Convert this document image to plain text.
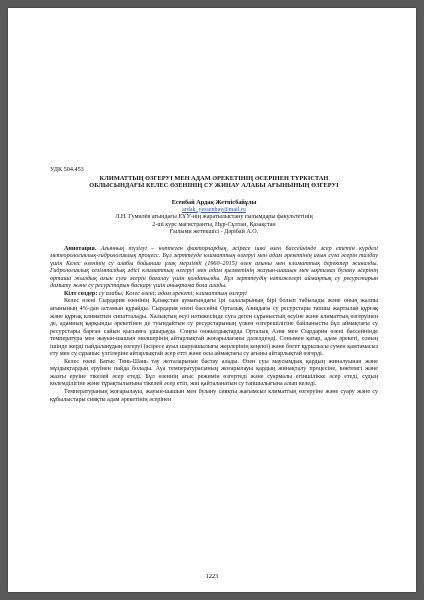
УДК 504.453

КЛИМАТТЫҢ ӨЗГЕРУІ МЕН АДАМ ӘРЕКЕТІНІҢ ӘСЕРІНЕН ТҮРКІСТАН
ОБЛЫСЫНДАҒЫ КЕЛЕС ӨЗЕНІНІҢ СУ ЖИНАУ АЛАБЫ АҒЫНЫНЫҢ ӨЗГЕРУІ

Есенбай Ардақ Жетпісбайұлы

ardak_yessenbay@mail.ru

Л.Н. Гумилёв атындағы ЕҰУ-нің жаратылыстану ғылымдары факультетінің

2-ші курс магистранты, Нұр-Сұлтан, Қазақстан

Ғылыми жетекшісі - Дәрібай А.О.

Аннотация. Ағынның түзілуі – көптеген факторлардың, әсіресе ішкі өзен бассейнінде әсер ететін күрделі метеорологиялық-гидрологиялық процесс. Бұл зерттеуде климаттың өзгеруі мен адам әрекетінің ағын суға әсерін талдау үшін Келес өзенінің су алабы бойынша ұзақ мерзімді (1960–2015) өзен ағыны мен климаттық деректер жиналды. Гидрологиялық сезімталдық әдісі климаттың өзгеруі мен адам қызметінің жауын-шашын мен ықтимал булану әсерінің орташа жылдық ағын суға әсерін бағалау үшін қолданылды. Бұл зерттеудің нәтижелері аймақтық су ресурстарын дамыту және су ресурстарын басқару үшін анықтама бола алады.

Кілт сөздер: су алабы; Келес өзені; адам әрекеті; климаттың өзгеруі

Келес өзені Сырдария өзенінің Қазақстан аумағындағы ірі салаларының бірі болып табылады және оның жалпы ағынының 4%-дан астамын құрайды. Сырдария өзені бассейні Орталық Азиядағы су ресурстары тапшы жартылай құрғақ және құрғақ климатпен сипатталады. Халықтың өсуі нәтижесінде суға деген сұраныстың өсуіне және климаттың өзгеруінен де, адамның қарқынды әрекетінен де туындайтын су ресурстарының үлкен өзгерешілігіне байланысты бұл аймақтағы су ресурстары барған сайын қысымға ұшырауда. Соңғы онжылдықтарда Орталық Азия мен Сырдария өзені бассейнінде температура мен жауын-шашын мөлшерінің айтарлықтай жоғарылағаны дәлелденді. Сонымен қатар, адам әрекеті, соның ішінде жерді пайдаланудың өзгеруі (әсіресе ауыл шаруашылығы жерлерінің кеңеюі) және бөгет құрылысы сумен қамтамасыз ету мен су сұраныс үлгілеріне айтарлықтай әсер етті және осы аймақтағы су ағыны айтарлықтай өзгерді.

Келес өзені Батыс Тянь-Шань тау жоталарынан бастау алады. Өзен суы маусымдық қардың жиналуынан және мұздықтардың еруінен пайда болады. Ауа температурасының жоғарылауы қардың жинақталу процесіне, көктемгі және жазғы еруіне тікелей әсер етеді. Бұл өзеннің ағыс режимін өзгертеді және суармалы егіншілікке әсер етеді, судың көлемділігіне және тұрақтылығына тікелей әсер етіп, жиі қайталанатын су тапшылығына алып келеді.

Температураның жоғарылауы, жауын-шашын мен булану сияқты жағымсыз климаттың өзгеруіне және суару және су құбылыстары сияқты адам әрекетінің әсерінен

1223
